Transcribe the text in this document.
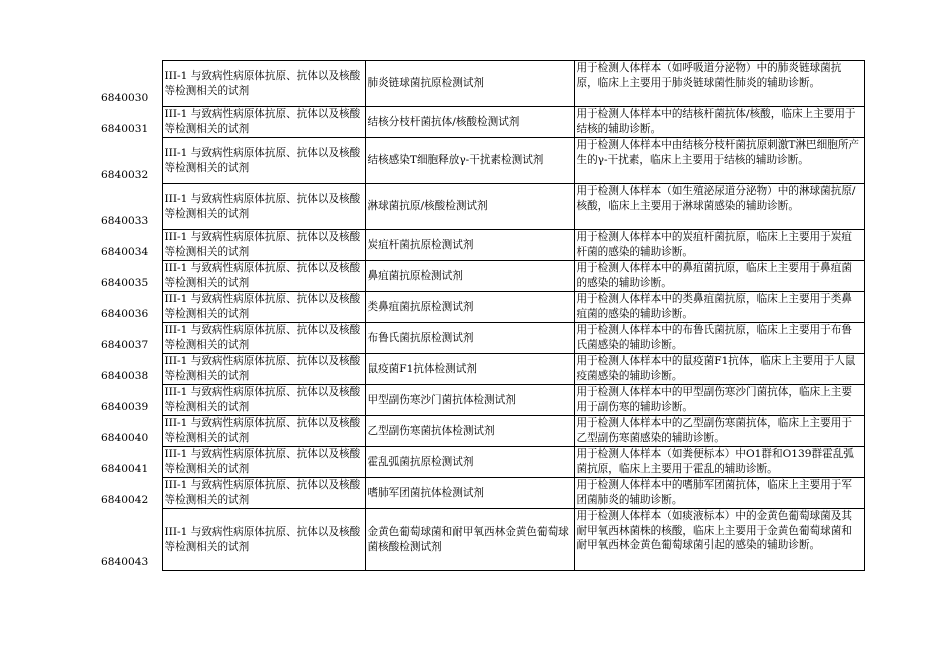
6840030	III-1 与致病性病原体抗原、抗体以及核酸等检测相关的试剂	肺炎链球菌抗原检测试剂	用于检测人体样本（如呼吸道分泌物）中的肺炎链球菌抗原，临床上主要用于肺炎链球菌性肺炎的辅助诊断。
6840031	III-1 与致病性病原体抗原、抗体以及核酸等检测相关的试剂	结核分枝杆菌抗体/核酸检测试剂	用于检测人体样本中的结核杆菌抗体/核酸，临床上主要用于结核的辅助诊断。
6840032	III-1 与致病性病原体抗原、抗体以及核酸等检测相关的试剂	结核感染T细胞释放γ-干扰素检测试剂	用于检测人体样本中由结核分枝杆菌抗原刺激T淋巴细胞所产生的γ-干扰素，临床上主要用于结核的辅助诊断。
6840033	III-1 与致病性病原体抗原、抗体以及核酸等检测相关的试剂	淋球菌抗原/核酸检测试剂	用于检测人体样本（如生殖泌尿道分泌物）中的淋球菌抗原/核酸，临床上主要用于淋球菌感染的辅助诊断。
6840034	III-1 与致病性病原体抗原、抗体以及核酸等检测相关的试剂	炭疽杆菌抗原检测试剂	用于检测人体样本中的炭疽杆菌抗原，临床上主要用于炭疽杆菌的感染的辅助诊断。
6840035	III-1 与致病性病原体抗原、抗体以及核酸等检测相关的试剂	鼻疽菌抗原检测试剂	用于检测人体样本中的鼻疽菌抗原，临床上主要用于鼻疽菌的感染的辅助诊断。
6840036	III-1 与致病性病原体抗原、抗体以及核酸等检测相关的试剂	类鼻疽菌抗原检测试剂	用于检测人体样本中的类鼻疽菌抗原，临床上主要用于类鼻疽菌的感染的辅助诊断。
6840037	III-1 与致病性病原体抗原、抗体以及核酸等检测相关的试剂	布鲁氏菌抗原检测试剂	用于检测人体样本中的布鲁氏菌抗原，临床上主要用于布鲁氏菌感染的辅助诊断。
6840038	III-1 与致病性病原体抗原、抗体以及核酸等检测相关的试剂	鼠疫菌F1抗体检测试剂	用于检测人体样本中的鼠疫菌F1抗体，临床上主要用于人鼠疫菌感染的辅助诊断。
6840039	III-1 与致病性病原体抗原、抗体以及核酸等检测相关的试剂	甲型副伤寒沙门菌抗体检测试剂	用于检测人体样本中的甲型副伤寒沙门菌抗体，临床上主要用于副伤寒的辅助诊断。
6840040	III-1 与致病性病原体抗原、抗体以及核酸等检测相关的试剂	乙型副伤寒菌抗体检测试剂	用于检测人体样本中的乙型副伤寒菌抗体，临床上主要用于乙型副伤寒菌感染的辅助诊断。
6840041	III-1 与致病性病原体抗原、抗体以及核酸等检测相关的试剂	霍乱弧菌抗原检测试剂	用于检测人体样本（如粪便标本）中O1群和O139群霍乱弧菌抗原，临床上主要用于霍乱的辅助诊断。
6840042	III-1 与致病性病原体抗原、抗体以及核酸等检测相关的试剂	嗜肺军团菌抗体检测试剂	用于检测人体样本中的嗜肺军团菌抗体，临床上主要用于军团菌肺炎的辅助诊断。
6840043	III-1 与致病性病原体抗原、抗体以及核酸等检测相关的试剂	金黄色葡萄球菌和耐甲氧西林金黄色葡萄球菌核酸检测试剂	用于检测人体样本（如痰液标本）中的金黄色葡萄球菌及其耐甲氧西林菌株的核酸，临床上主要用于金黄色葡萄球菌和耐甲氧西林金黄色葡萄球菌引起的感染的辅助诊断。
